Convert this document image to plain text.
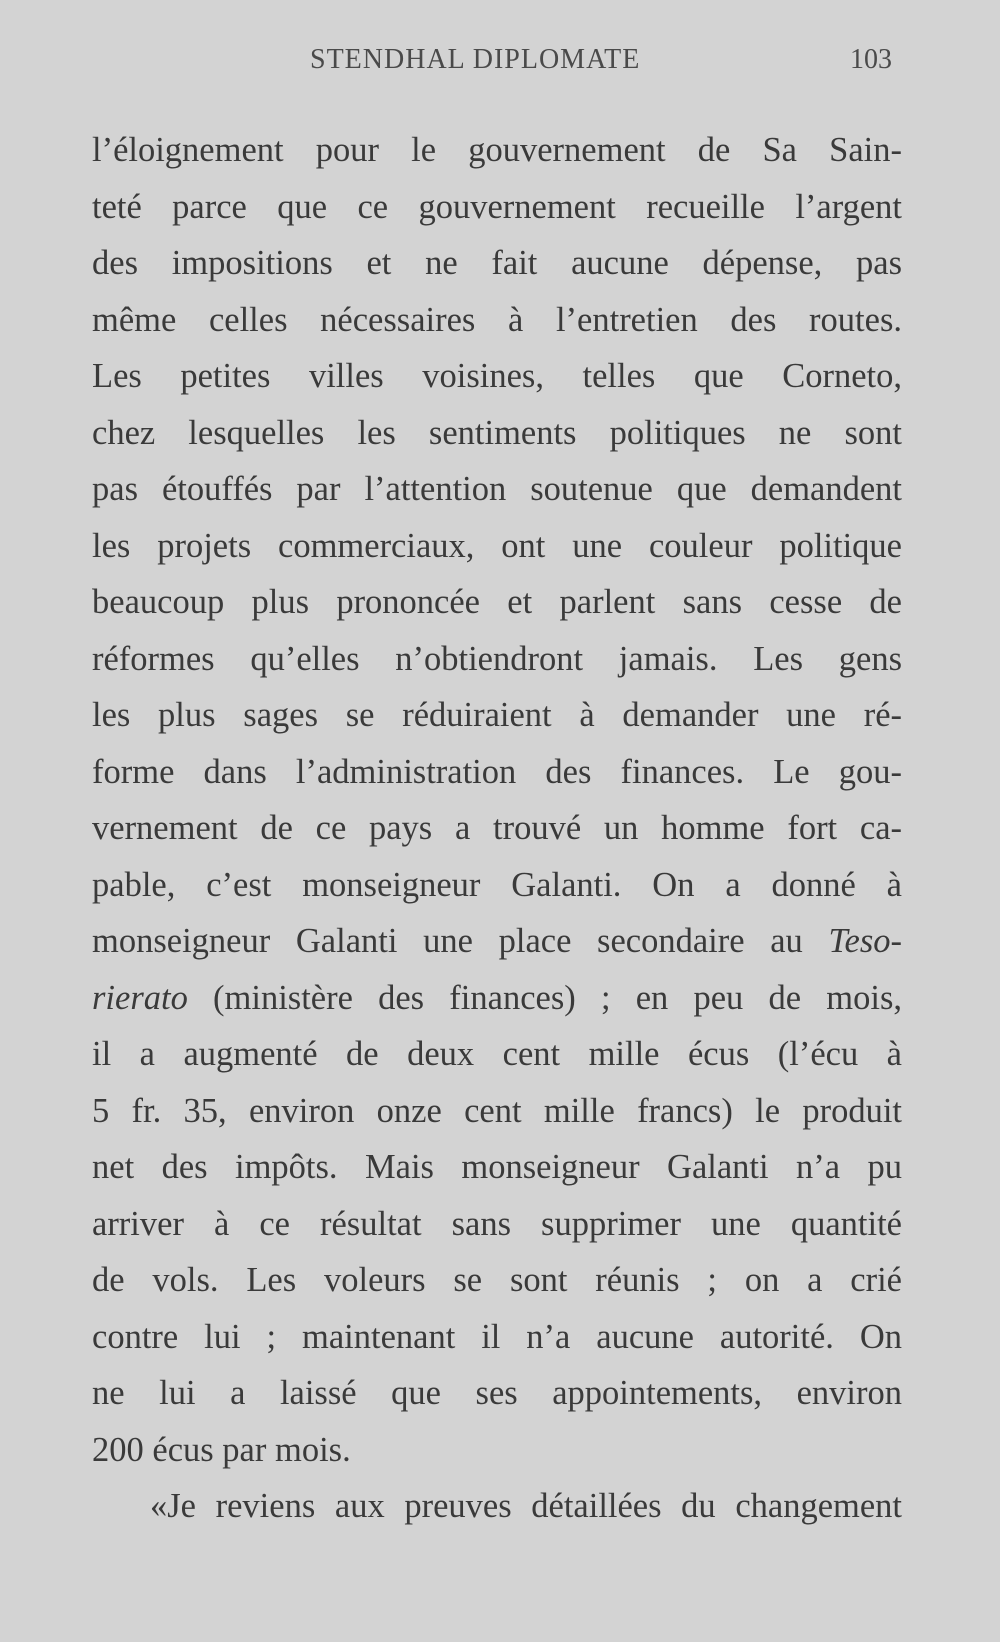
STENDHAL DIPLOMATE	103
l’éloignement pour le gouvernement de Sa Sain-
teté parce que ce gouvernement recueille l’argent
des impositions et ne fait aucune dépense, pas
même celles nécessaires à l’entretien des routes.
Les petites villes voisines, telles que Corneto,
chez lesquelles les sentiments politiques ne sont
pas étouffés par l’attention soutenue que demandent
les projets commerciaux, ont une couleur politique
beaucoup plus prononcée et parlent sans cesse de
réformes qu’elles n’obtiendront jamais. Les gens
les plus sages se réduiraient à demander une ré-
forme dans l’administration des finances. Le gou-
vernement de ce pays a trouvé un homme fort ca-
pable, c’est monseigneur Galanti. On a donné à
monseigneur Galanti une place secondaire au Teso-
rierato (ministère des finances) ; en peu de mois,
il a augmenté de deux cent mille écus (l’écu à
5 fr. 35, environ onze cent mille francs) le produit
net des impôts. Mais monseigneur Galanti n’a pu
arriver à ce résultat sans supprimer une quantité
de vols. Les voleurs se sont réunis ; on a crié
contre lui ; maintenant il n’a aucune autorité. On
ne lui a laissé que ses appointements, environ
200 écus par mois.
«Je reviens aux preuves détaillées du changement
